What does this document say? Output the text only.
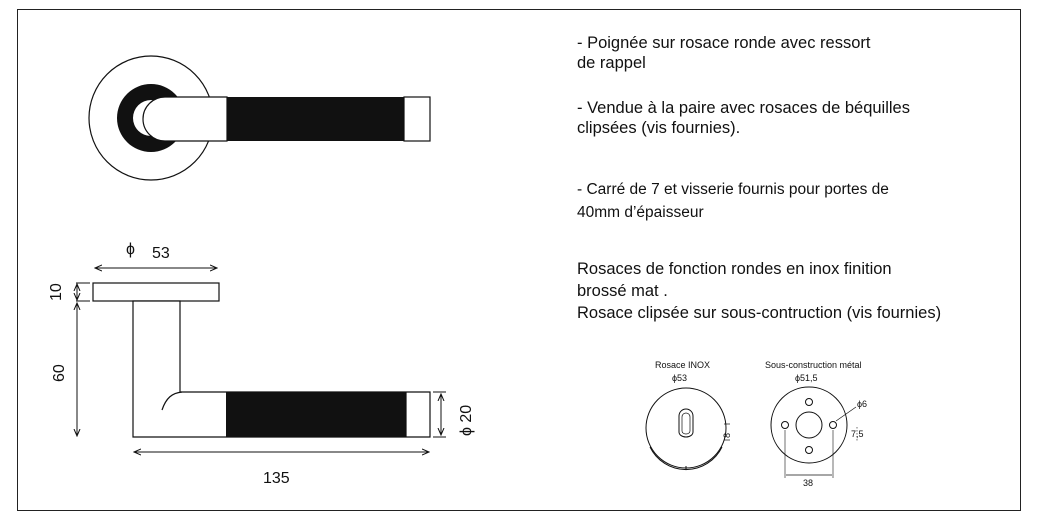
ϕ 53
10
60
135
ϕ 20
Rosace INOX
ϕ53
8
Sous-construction métal
ϕ51,5
ϕ6
7,5
38
- Poignée sur rosace ronde avec ressort
de rappel
- Vendue à la paire avec rosaces de béquilles
clipsées (vis fournies).
- Carré de 7 et visserie fournis pour portes de
40mm d’épaisseur
Rosaces de fonction rondes en inox finition
brossé mat .
Rosace clipsée sur sous-contruction (vis fournies)
